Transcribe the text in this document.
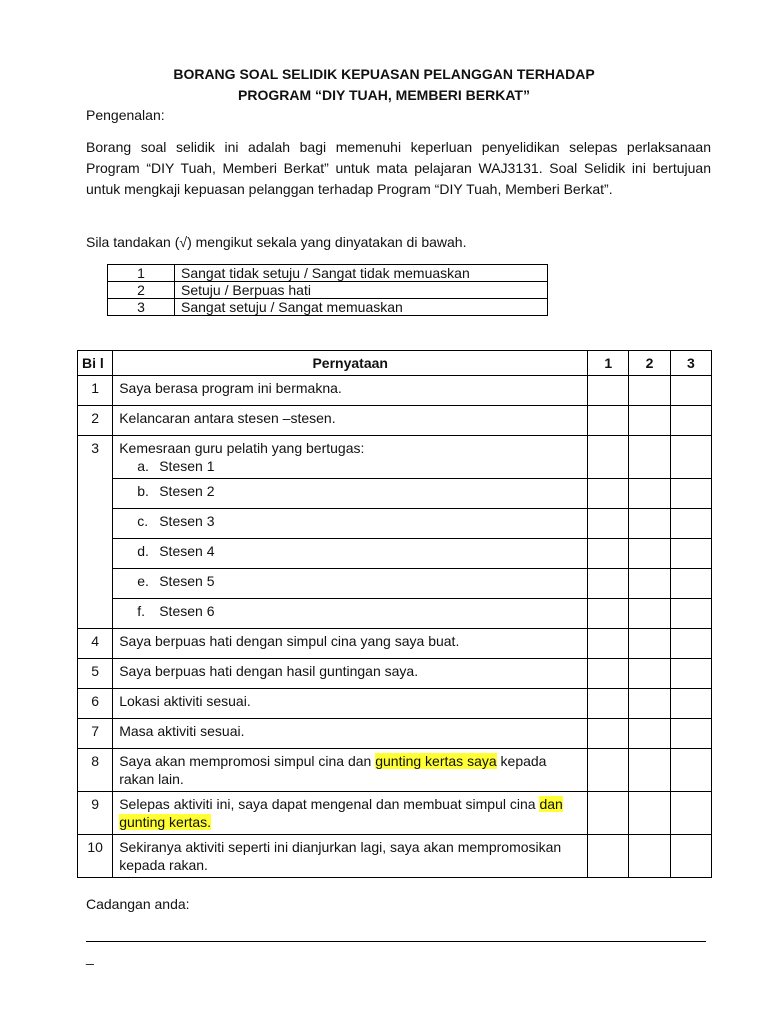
BORANG SOAL SELIDIK KEPUASAN PELANGGAN TERHADAP
PROGRAM “DIY TUAH, MEMBERI BERKAT”
Pengenalan:
Borang soal selidik ini adalah bagi memenuhi keperluan penyelidikan selepas perlaksanaan Program “DIY Tuah, Memberi Berkat” untuk mata pelajaran WAJ3131. Soal Selidik ini bertujuan untuk mengkaji kepuasan pelanggan terhadap Program “DIY Tuah, Memberi Berkat”.
Sila tandakan (√) mengikut sekala yang dinyatakan di bawah.
1	Sangat tidak setuju / Sangat tidak memuaskan
2	Setuju / Berpuas hati
3	Sangat setuju / Sangat memuaskan
Bi l	Pernyataan	1	2	3
1	Saya berasa program ini bermakna.			
2	Kelancaran antara stesen –stesen.			
3	Kemesraan guru pelatih yang bertugas:
a. Stesen 1			

	b. Stesen 2			
	c. Stesen 3			
	d. Stesen 4			
	e. Stesen 5			
	f. Stesen 6			
4	Saya berpuas hati dengan simpul cina yang saya buat.			
5	Saya berpuas hati dengan hasil guntingan saya.			
6	Lokasi aktiviti sesuai.			
7	Masa aktiviti sesuai.			
8	Saya akan mempromosi simpul cina dan gunting kertas saya kepada rakan lain.			
9	Selepas aktiviti ini, saya dapat mengenal dan membuat simpul cina dan gunting kertas.			
10	Sekiranya aktiviti seperti ini dianjurkan lagi, saya akan mempromosikan kepada rakan.			
Cadangan anda:
_
